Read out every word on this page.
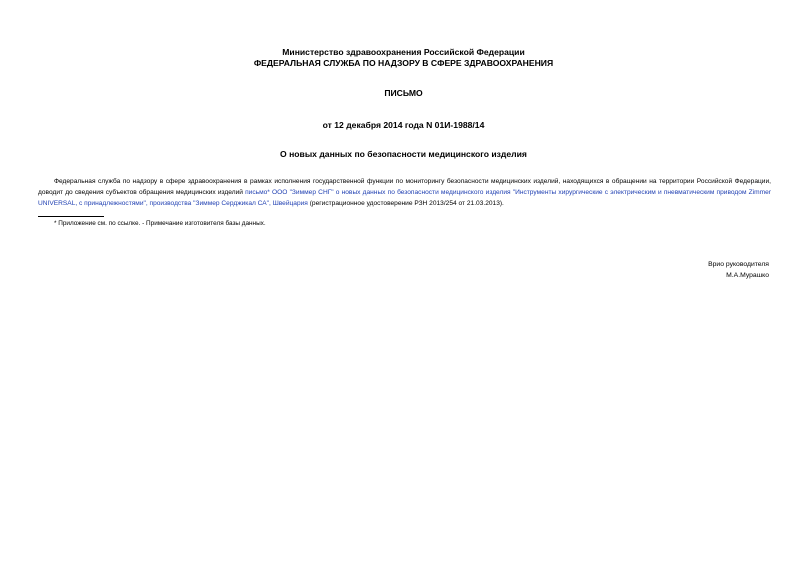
Министерство здравоохранения Российской Федерации
ФЕДЕРАЛЬНАЯ СЛУЖБА ПО НАДЗОРУ В СФЕРЕ ЗДРАВООХРАНЕНИЯ
ПИСЬМО
от 12 декабря 2014 года N 01И-1988/14
О новых данных по безопасности медицинского изделия
Федеральная служба по надзору в сфере здравоохранения в рамках исполнения государственной функции по мониторингу безопасности медицинских изделий, находящихся в обращении на территории Российской Федерации, доводит до сведения субъектов обращения медицинских изделий письмо* ООО "Зиммер СНГ" о новых данных по безопасности медицинского изделия "Инструменты хирургические с электрическим и пневматическим приводом Zimmer UNIVERSAL, с принадлежностями", производства "Зиммер Серджикал СА", Швейцария (регистрационное удостоверение РЗН 2013/254 от 21.03.2013).
* Приложение см. по ссылке. - Примечание изготовителя базы данных.
Врио руководителя
М.А.Мурашко
